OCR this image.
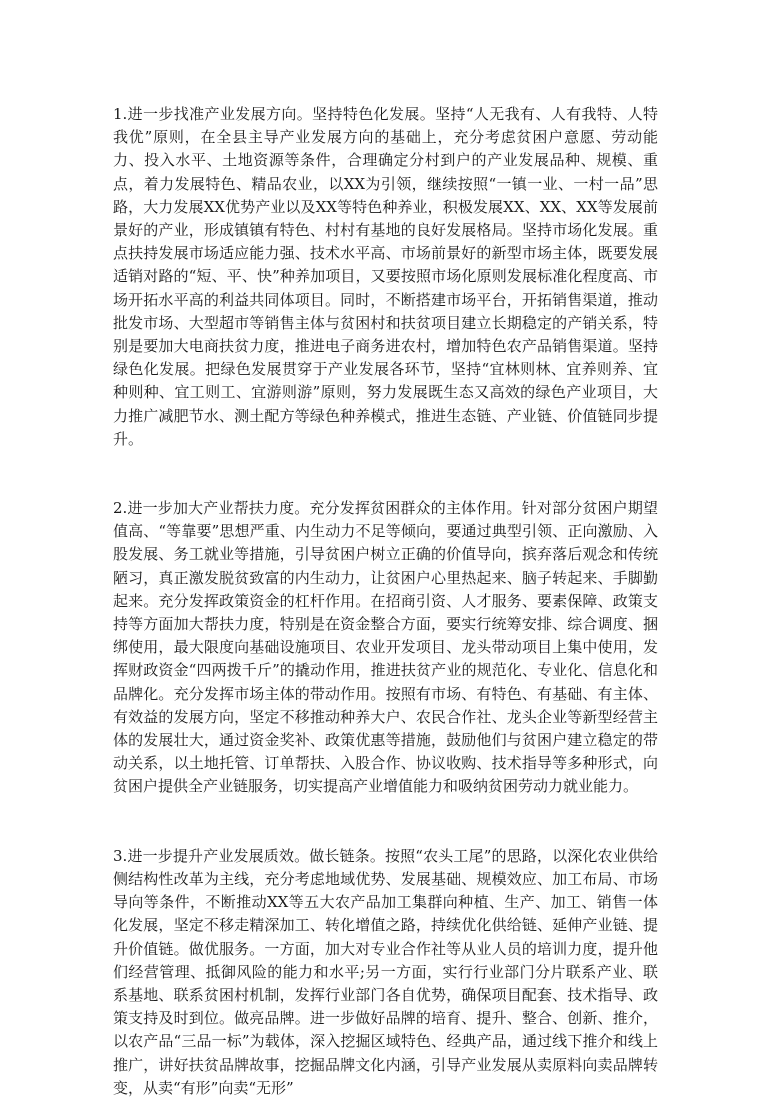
1.进一步找准产业发展方向。坚持特色化发展。坚持“人无我有、人有我特、人特我优”原则，在全县主导产业发展方向的基础上，充分考虑贫困户意愿、劳动能力、投入水平、土地资源等条件，合理确定分村到户的产业发展品种、规模、重点，着力发展特色、精品农业，以XX为引领，继续按照“一镇一业、一村一品”思路，大力发展XX优势产业以及XX等特色种养业，积极发展XX、XX、XX等发展前景好的产业，形成镇镇有特色、村村有基地的良好发展格局。坚持市场化发展。重点扶持发展市场适应能力强、技术水平高、市场前景好的新型市场主体，既要发展适销对路的“短、平、快”种养加项目，又要按照市场化原则发展标准化程度高、市场开拓水平高的利益共同体项目。同时，不断搭建市场平台，开拓销售渠道，推动批发市场、大型超市等销售主体与贫困村和扶贫项目建立长期稳定的产销关系，特别是要加大电商扶贫力度，推进电子商务进农村，增加特色农产品销售渠道。坚持绿色化发展。把绿色发展贯穿于产业发展各环节，坚持“宜林则林、宜养则养、宜种则种、宜工则工、宜游则游”原则，努力发展既生态又高效的绿色产业项目，大力推广减肥节水、测土配方等绿色种养模式，推进生态链、产业链、价值链同步提升。

2.进一步加大产业帮扶力度。充分发挥贫困群众的主体作用。针对部分贫困户期望值高、“等靠要”思想严重、内生动力不足等倾向，要通过典型引领、正向激励、入股发展、务工就业等措施，引导贫困户树立正确的价值导向，摈弃落后观念和传统陋习，真正激发脱贫致富的内生动力，让贫困户心里热起来、脑子转起来、手脚勤起来。充分发挥政策资金的杠杆作用。在招商引资、人才服务、要素保障、政策支持等方面加大帮扶力度，特别是在资金整合方面，要实行统筹安排、综合调度、捆绑使用，最大限度向基础设施项目、农业开发项目、龙头带动项目上集中使用，发挥财政资金“四两拨千斤”的撬动作用，推进扶贫产业的规范化、专业化、信息化和品牌化。充分发挥市场主体的带动作用。按照有市场、有特色、有基础、有主体、有效益的发展方向，坚定不移推动种养大户、农民合作社、龙头企业等新型经营主体的发展壮大，通过资金奖补、政策优惠等措施，鼓励他们与贫困户建立稳定的带动关系，以土地托管、订单帮扶、入股合作、协议收购、技术指导等多种形式，向贫困户提供全产业链服务，切实提高产业增值能力和吸纳贫困劳动力就业能力。

3.进一步提升产业发展质效。做长链条。按照“农头工尾”的思路，以深化农业供给侧结构性改革为主线，充分考虑地域优势、发展基础、规模效应、加工布局、市场导向等条件，不断推动XX等五大农产品加工集群向种植、生产、加工、销售一体化发展，坚定不移走精深加工、转化增值之路，持续优化供给链、延伸产业链、提升价值链。做优服务。一方面，加大对专业合作社等从业人员的培训力度，提升他们经营管理、抵御风险的能力和水平;另一方面，实行行业部门分片联系产业、联系基地、联系贫困村机制，发挥行业部门各自优势，确保项目配套、技术指导、政策支持及时到位。做亮品牌。进一步做好品牌的培育、提升、整合、创新、推介，以农产品“三品一标”为载体，深入挖掘区域特色、经典产品，通过线下推介和线上推广，讲好扶贫品牌故事，挖掘品牌文化内涵，引导产业发展从卖原料向卖品牌转变，从卖“有形”向卖“无形”
